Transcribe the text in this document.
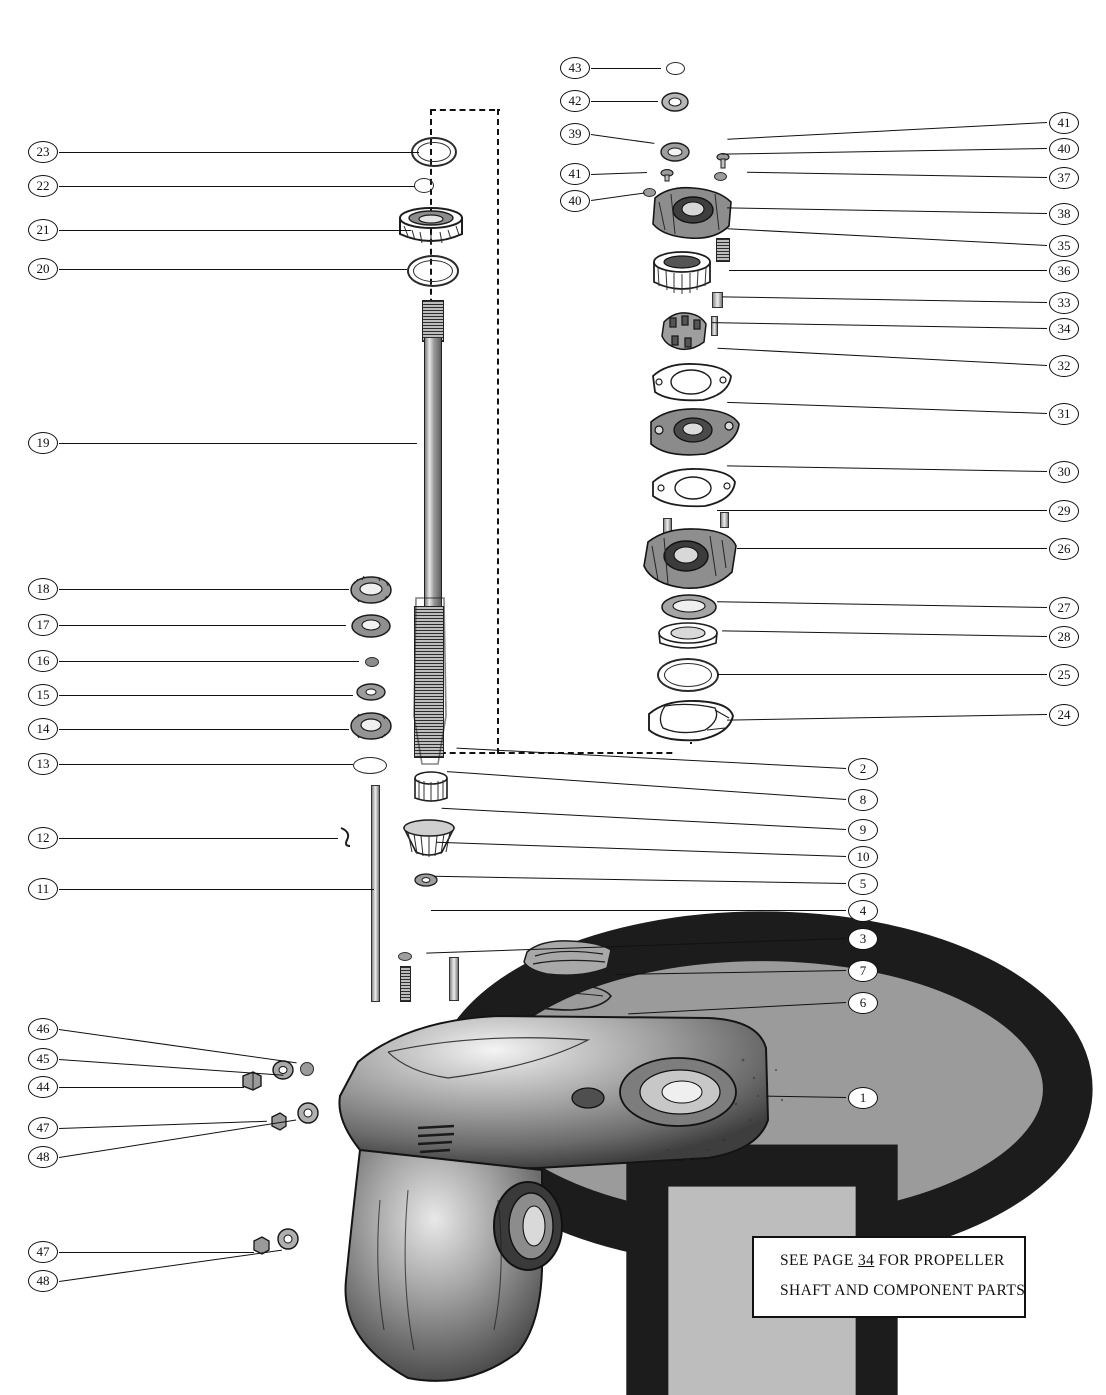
SEE PAGE 34 FOR PROPELLER
SHAFT AND COMPONENT PARTS
43
42
39
41
40
41
40
37
38
35
36
33
34
32
31
30
29
26
27
28
25
24
23
22
21
20
19
18
17
16
15
14
13
12
11
46
45
44
47
48
47
48
2
8
9
10
5
4
3
7
6
1
